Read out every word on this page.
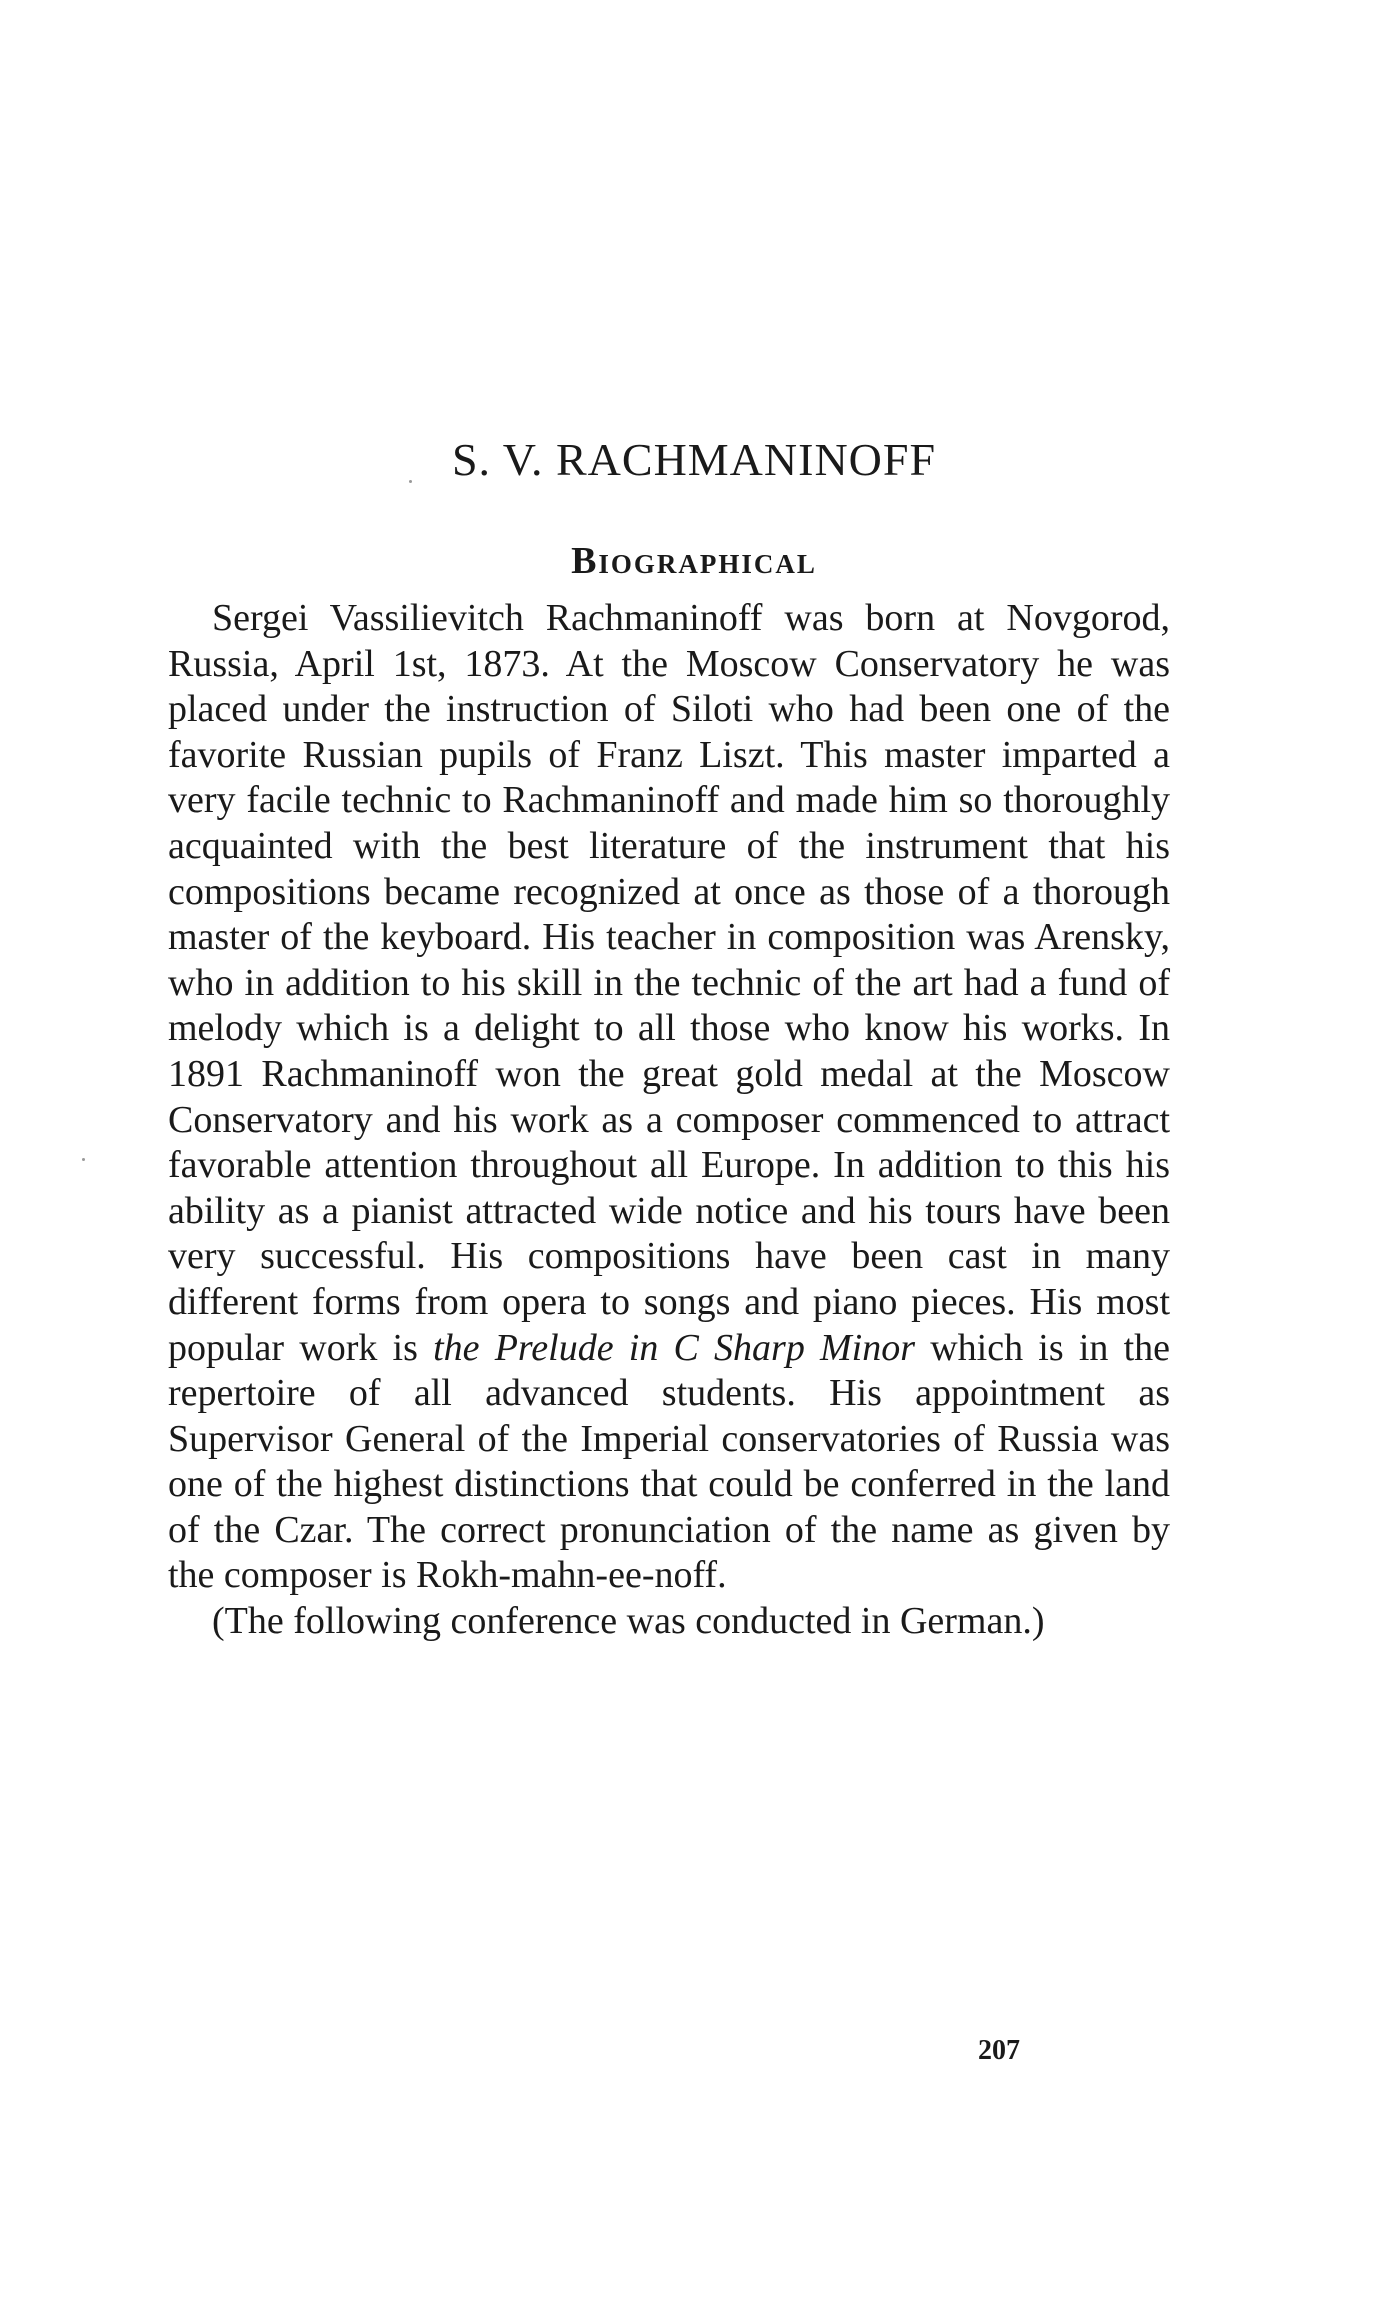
S. V. RACHMANINOFF
Biographical

Sergei Vassilievitch Rachmaninoff was born at Novgorod, Russia, April 1st, 1873. At the Moscow Conservatory he was placed under the instruction of Siloti who had been one of the favorite Russian pupils of Franz Liszt. This master imparted a very facile technic to Rachmaninoff and made him so thoroughly acquainted with the best literature of the instrument that his compositions became recognized at once as those of a thorough master of the keyboard. His teacher in composition was Arensky, who in addition to his skill in the technic of the art had a fund of melody which is a delight to all those who know his works. In 1891 Rachmaninoff won the great gold medal at the Moscow Conservatory and his work as a composer commenced to attract favorable attention throughout all Europe. In addition to this his ability as a pianist attracted wide notice and his tours have been very successful. His compositions have been cast in many different forms from opera to songs and piano pieces. His most popular work is the Prelude in C Sharp Minor which is in the repertoire of all advanced students. His appointment as Supervisor General of the Imperial conservatories of Russia was one of the highest distinctions that could be conferred in the land of the Czar. The correct pronunciation of the name as given by the composer is Rokh-mahn-ee-noff.

(The following conference was conducted in German.)

207
